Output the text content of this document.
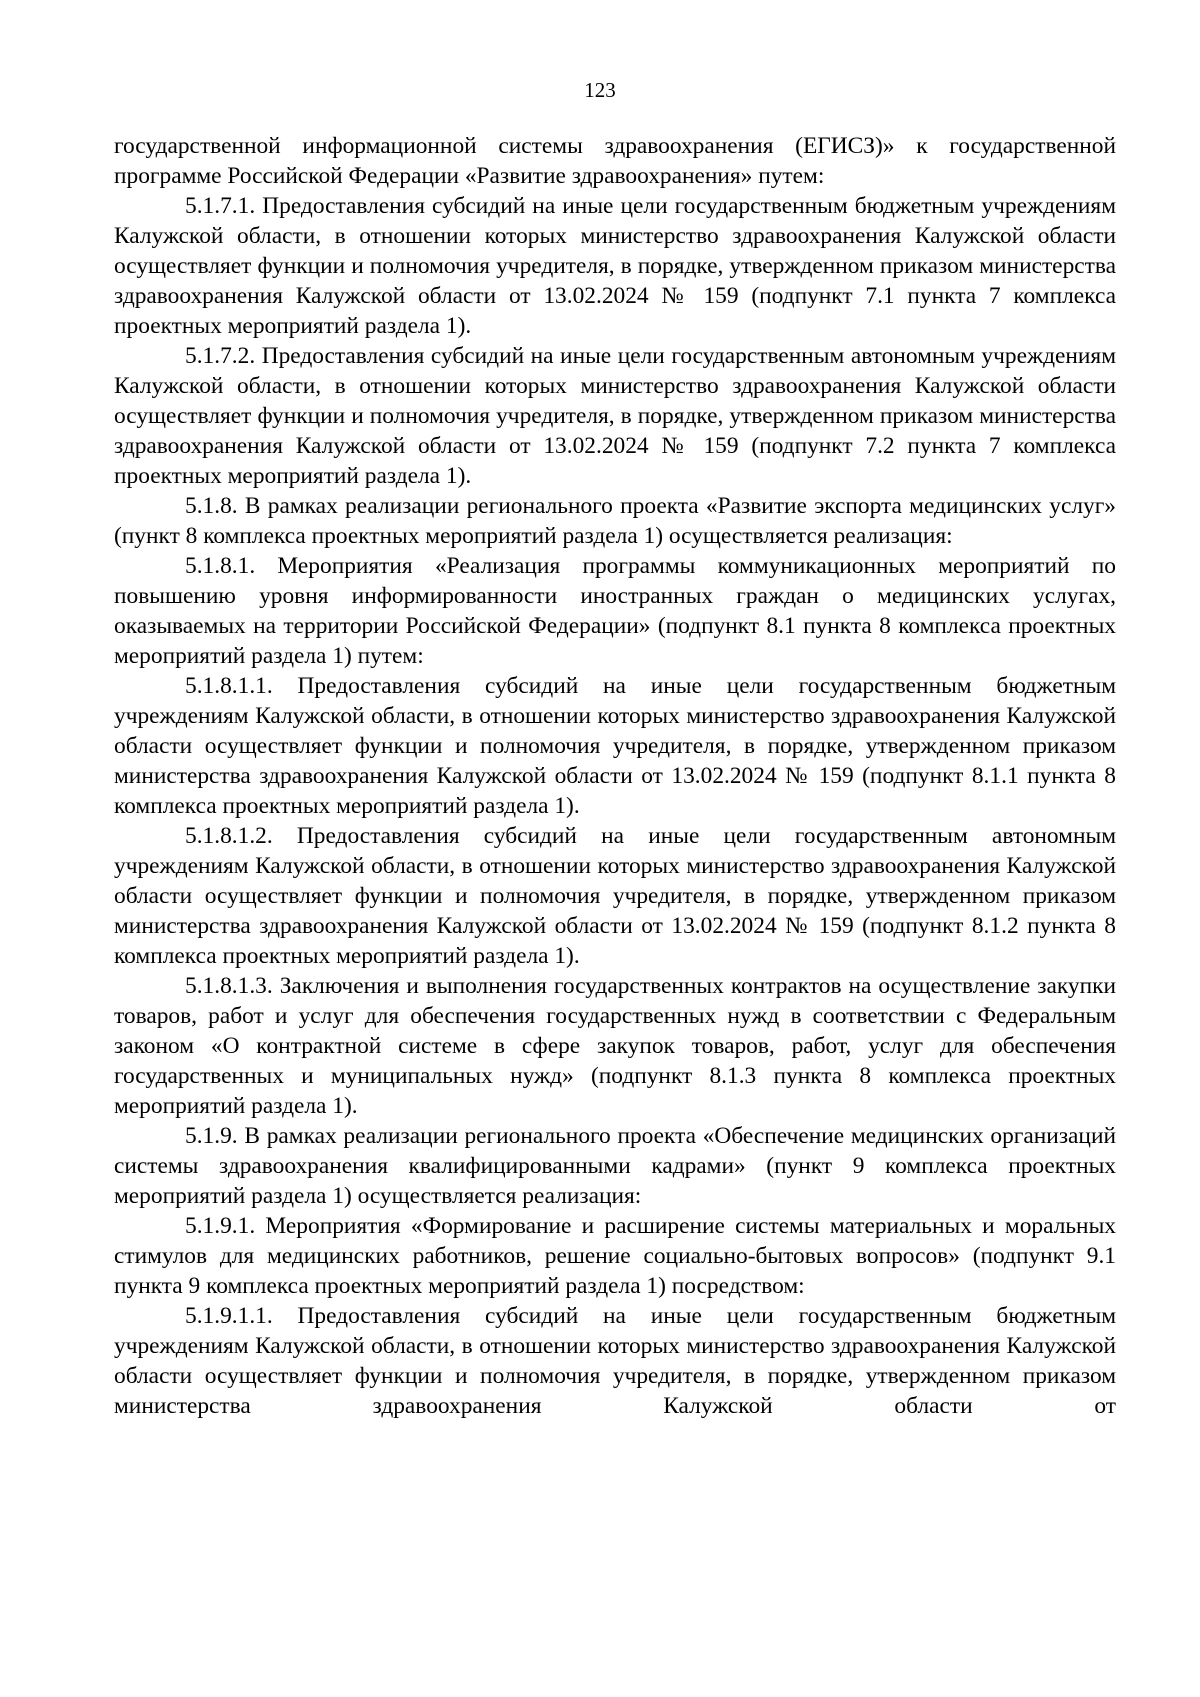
123

государственной информационной системы здравоохранения (ЕГИСЗ)» к государственной программе Российской Федерации «Развитие здравоохранения» путем:

5.1.7.1. Предоставления субсидий на иные цели государственным бюджетным учреждениям Калужской области, в отношении которых министерство здравоохранения Калужской области осуществляет функции и полномочия учредителя, в порядке, утвержденном приказом министерства здравоохранения Калужской области от 13.02.2024 № 159 (подпункт 7.1 пункта 7 комплекса проектных мероприятий раздела 1).

5.1.7.2. Предоставления субсидий на иные цели государственным автономным учреждениям Калужской области, в отношении которых министерство здравоохранения Калужской области осуществляет функции и полномочия учредителя, в порядке, утвержденном приказом министерства здравоохранения Калужской области от 13.02.2024 № 159 (подпункт 7.2 пункта 7 комплекса проектных мероприятий раздела 1).

5.1.8. В рамках реализации регионального проекта «Развитие экспорта медицинских услуг» (пункт 8 комплекса проектных мероприятий раздела 1) осуществляется реализация:

5.1.8.1. Мероприятия «Реализация программы коммуникационных мероприятий по повышению уровня информированности иностранных граждан о медицинских услугах, оказываемых на территории Российской Федерации» (подпункт 8.1 пункта 8 комплекса проектных мероприятий раздела 1) путем:

5.1.8.1.1. Предоставления субсидий на иные цели государственным бюджетным учреждениям Калужской области, в отношении которых министерство здравоохранения Калужской области осуществляет функции и полномочия учредителя, в порядке, утвержденном приказом министерства здравоохранения Калужской области от 13.02.2024 № 159 (подпункт 8.1.1 пункта 8 комплекса проектных мероприятий раздела 1).

5.1.8.1.2. Предоставления субсидий на иные цели государственным автономным учреждениям Калужской области, в отношении которых министерство здравоохранения Калужской области осуществляет функции и полномочия учредителя, в порядке, утвержденном приказом министерства здравоохранения Калужской области от 13.02.2024 № 159 (подпункт 8.1.2 пункта 8 комплекса проектных мероприятий раздела 1).

5.1.8.1.3. Заключения и выполнения государственных контрактов на осуществление закупки товаров, работ и услуг для обеспечения государственных нужд в соответствии с Федеральным законом «О контрактной системе в сфере закупок товаров, работ, услуг для обеспечения государственных и муниципальных нужд» (подпункт 8.1.3 пункта 8 комплекса проектных мероприятий раздела 1).

5.1.9. В рамках реализации регионального проекта «Обеспечение медицинских организаций системы здравоохранения квалифицированными кадрами» (пункт 9 комплекса проектных мероприятий раздела 1) осуществляется реализация:

5.1.9.1. Мероприятия «Формирование и расширение системы материальных и моральных стимулов для медицинских работников, решение социально-бытовых вопросов» (подпункт 9.1 пункта 9 комплекса проектных мероприятий раздела 1) посредством:

5.1.9.1.1. Предоставления субсидий на иные цели государственным бюджетным учреждениям Калужской области, в отношении которых министерство здравоохранения Калужской области осуществляет функции и полномочия учредителя, в порядке, утвержденном приказом министерства здравоохранения Калужской области от
